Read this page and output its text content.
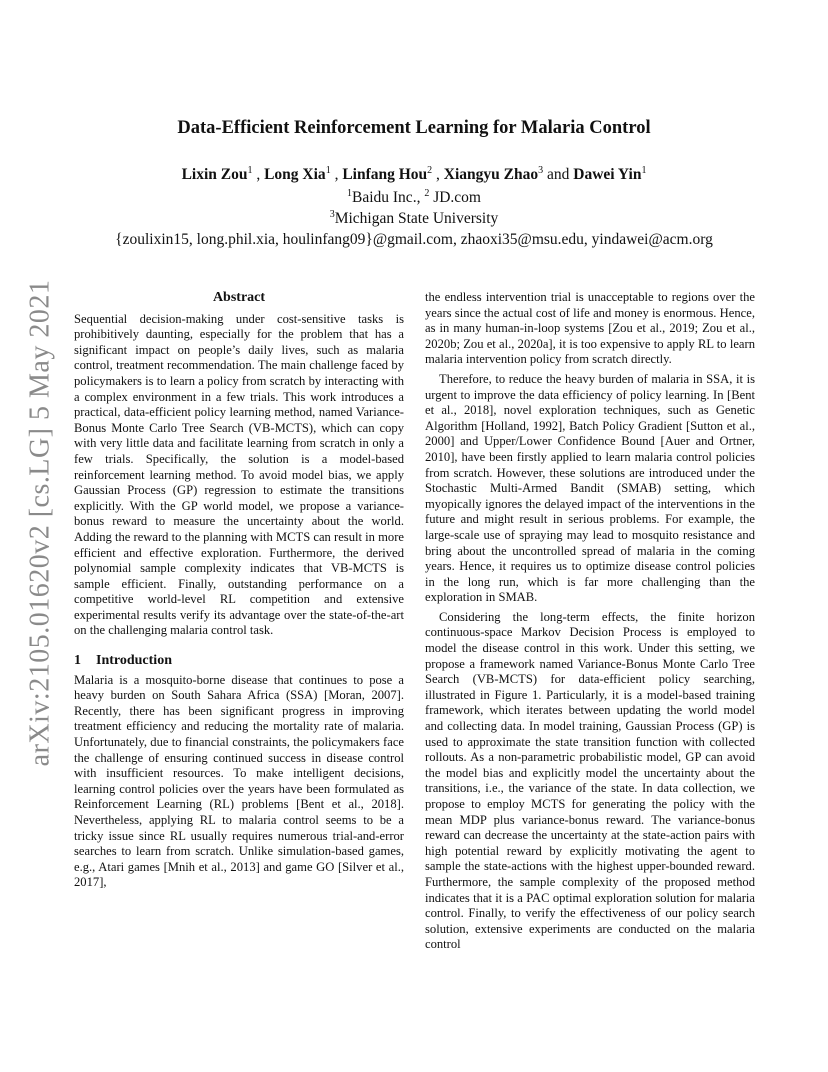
arXiv:2105.01620v2 [cs.LG] 5 May 2021
Data-Efficient Reinforcement Learning for Malaria Control
Lixin Zou$^1$ , Long Xia$^1$ , Linfang Hou$^2$ , Xiangyu Zhao$^3$ and Dawei Yin$^1$
$^1$Baidu Inc., $^2$ JD.com
$^3$Michigan State University
{zoulixin15, long.phil.xia, houlinfang09}@gmail.com, zhaoxi35@msu.edu, yindawei@acm.org
Abstract

Sequential decision-making under cost-sensitive tasks is prohibitively daunting, especially for the problem that has a significant impact on people’s daily lives, such as malaria control, treatment recommendation. The main challenge faced by policymakers is to learn a policy from scratch by interacting with a complex environment in a few trials. This work introduces a practical, data-efficient policy learning method, named Variance-Bonus Monte Carlo Tree Search (VB-MCTS), which can copy with very little data and facilitate learning from scratch in only a few trials. Specifically, the solution is a model-based reinforcement learning method. To avoid model bias, we apply Gaussian Process (GP) regression to estimate the transitions explicitly. With the GP world model, we propose a variance-bonus reward to measure the uncertainty about the world. Adding the reward to the planning with MCTS can result in more efficient and effective exploration. Furthermore, the derived polynomial sample complexity indicates that VB-MCTS is sample efficient. Finally, outstanding performance on a competitive world-level RL competition and extensive experimental results verify its advantage over the state-of-the-art on the challenging malaria control task.

1 Introduction

Malaria is a mosquito-borne disease that continues to pose a heavy burden on South Sahara Africa (SSA) [Moran, 2007]. Recently, there has been significant progress in improving treatment efficiency and reducing the mortality rate of malaria. Unfortunately, due to financial constraints, the policymakers face the challenge of ensuring continued success in disease control with insufficient resources. To make intelligent decisions, learning control policies over the years have been formulated as Reinforcement Learning (RL) problems [Bent et al., 2018]. Nevertheless, applying RL to malaria control seems to be a tricky issue since RL usually requires numerous trial-and-error searches to learn from scratch. Unlike simulation-based games, e.g., Atari games [Mnih et al., 2013] and game GO [Silver et al., 2017],

the endless intervention trial is unacceptable to regions over the years since the actual cost of life and money is enormous. Hence, as in many human-in-loop systems [Zou et al., 2019; Zou et al., 2020b; Zou et al., 2020a], it is too expensive to apply RL to learn malaria intervention policy from scratch directly.

Therefore, to reduce the heavy burden of malaria in SSA, it is urgent to improve the data efficiency of policy learning. In [Bent et al., 2018], novel exploration techniques, such as Genetic Algorithm [Holland, 1992], Batch Policy Gradient [Sutton et al., 2000] and Upper/Lower Confidence Bound [Auer and Ortner, 2010], have been firstly applied to learn malaria control policies from scratch. However, these solutions are introduced under the Stochastic Multi-Armed Bandit (SMAB) setting, which myopically ignores the delayed impact of the interventions in the future and might result in serious problems. For example, the large-scale use of spraying may lead to mosquito resistance and bring about the uncontrolled spread of malaria in the coming years. Hence, it requires us to optimize disease control policies in the long run, which is far more challenging than the exploration in SMAB.

Considering the long-term effects, the finite horizon continuous-space Markov Decision Process is employed to model the disease control in this work. Under this setting, we propose a framework named Variance-Bonus Monte Carlo Tree Search (VB-MCTS) for data-efficient policy searching, illustrated in Figure 1. Particularly, it is a model-based training framework, which iterates between updating the world model and collecting data. In model training, Gaussian Process (GP) is used to approximate the state transition function with collected rollouts. As a non-parametric probabilistic model, GP can avoid the model bias and explicitly model the uncertainty about the transitions, i.e., the variance of the state. In data collection, we propose to employ MCTS for generating the policy with the mean MDP plus variance-bonus reward. The variance-bonus reward can decrease the uncertainty at the state-action pairs with high potential reward by explicitly motivating the agent to sample the state-actions with the highest upper-bounded reward. Furthermore, the sample complexity of the proposed method indicates that it is a PAC optimal exploration solution for malaria control. Finally, to verify the effectiveness of our policy search solution, extensive experiments are conducted on the malaria control
